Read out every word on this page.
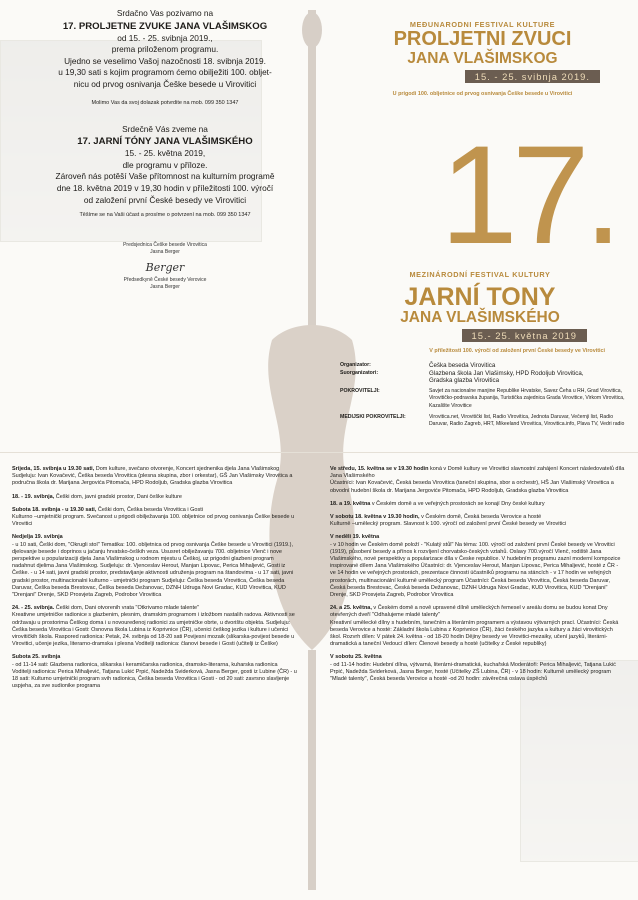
Srdačno Vas pozivamo na

17. PROLJETNE ZVUKE JANA VLAŠIMSKOG

od 15. - 25. svibnja 2019.,

prema priloženom programu.

Ujedno se veselimo Vašoj nazočnosti 18. svibnja 2019.

u 19,30 sati s kojim programom ćemo obilježiti 100. oblјet-

nicu od prvog osnivanja Češke besede u Virovitici

Molimo Vas da svoj dolazak potvrdite na mob. 099 350 1347

Srdečně Vás zveme na

17. JARNÍ TÓNY JANA VLAŠIMSKÉHO

15. - 25. května 2019,

dle programu v příloze.

Zároveň nás potěší Vaše přítomnost na kulturním programě

dne 18. května 2019 v 19,30 hodin v příležitosti 100. výročí

od založení první České besedy ve Virovitici

Těšíme se na Vaši účast a prosíme o potvrzení na mob. 099 350 1347

Predsjednica Češke besede Virovitica
Jasna Berger
Berger
Předsedkyně České besedy Verovice
Jasna Berger
MEĐUNARODNI FESTIVAL KULTURE
PROLJETNI ZVUCI
JANA VLAŠIMSKOG
15. - 25. svibnja 2019.
U prigodi 100. obljetnice od prvog osnivanja Češke besede u Virovitici
17.
MEZINÁRODNÍ FESTIVAL KULTURY
JARNÍ TONY
JANA VLAŠIMSKÉHO
15.- 25. května 2019
V příležitosti 100. výročí od založení první České besedy ve Virovitici
Organizator:	Češka beseda Virovitica
Suorganizatori:	Glazbena škola Jan Vlašimsky, HPD Rodoljub Virovitica,
Gradska glazba Virovitica

POKROVITELJI:	Savjet za nacionalne manjine Republike Hrvatske, Savez Čeha u RH, Grad Virovitica, Virovitičko-podravska županija, Turistička zajednica Grada Virovitice, Virkom Virovitica, Kazalište Virovitice

MEDIJSKI POKROVITELJI:	Virovitica.net, Virovitički list, Radio Virovitica, Jednota Daruvar, Večernji list, Radio Daruvar, Radio Zagreb, HRT, Mikeeland Virovitica, Virovitica.info, Plava TV, Vedri radio

Srijeda, 15. svibnja u 19.30 sati, Dom kulture, svečano otvorenje, Koncert sjednenika djela Jana Vlašimskog
Sudjeluju: Ivan Kovačević, Češka beseda Virovitica (plesna skupina, zbor i orkestar), GŠ Jan Vlašimsky Virovitica a područna škola dr. Marijana Jergovića Pitomača, HPD Rodoljub, Gradska glazba Virovitica

18. - 19. svibnja, Češki dom, javni gradski prostor, Dani češke kulture

Subota 18. svibnja - u 19.30 sati, Češki dom, Češka beseda Virovitica i Gosti
Kulturno –umjetnički program. Svečanost u prigodi obilježavanja 100. obljetnice od prvog osnivanja Češke besede u Virovitici

Nedjelja 19. svibnja
- u 10 sati, Češki dom, "Okrugli stol" Tematika: 100. obljetnica od prvog osnivanja Češke besede u Virovitici (1919.), djelovanje besede i doprinos u jačanju hrvatsko-čeških veza. Ususret obilježavanju 700. obljetnice Vlenč i nove perspektive u popularizaciji djela Jana Vlašimskog u rodnom mjestu u Češkoj, uz prigodni glazbeni program nadahnut djelima Jana Vlašimskog. Sudjeluju: dr. Vjenceslav Herout, Manjan Lipovac, Perica Mihaljević, Gosti iz Češke. - u 14 sati, javni gradski prostor, predstavljanje aktivnosti udruženja program na štandovima - u 17 sati, javni gradski prostor, multinacionalni kulturno - umjetnički program Sudjeluju: Češka beseda Virovitica, Češka beseda Daruvar, Češka beseda Brestovac, Češka beseda Dežanovac, DZNH Udruga Novi Gradac, KUD Virovitica, KUD "Drenjani" Drenje, SKD Prosvjeta Zagreb, Podrobor Virovitica

24. - 25. svibnja. Češki dom, Dani otvorenih vrata "Otkrivamo mlade talente"
Kreativne umjetničke radionice s glazbenim, plesnim, dramskim programom i izložbom nastalih radova. Aktivnosti se održavaju u prostorima Češkog doma i u novouređenoj radionici za umjetničke obrte, u dvorištu objekta. Sudjeluju: Češka beseda Virovitica i Gosti: Osnovna škola Lubina iz Koprivnice (ČR), učenici češkog jezika i kulture i učenici virovitičkih škola. Raspored radionica: Petak, 24. svibnja od 18-20 sati Povijesni mozaik (slikarska-povijest besede u Virovitici, učenje jezika, literarno-dramska i plesna Voditelji radionica: članovi besede i Gosti (učitelji iz Češke)

Subota 25. svibnja
- od 11-14 sati: Glazbena radionica, slikarska i keramičarska radionica, dramsko-literarna, kuharska radionica Voditelji radionica: Perica Mihaljević, Tatjana Lukić Prpić, Nadežda Sviderková, Jasna Berger, gosti iz Lubine (ČR) - u 18 sati: Kulturno umjetnički program svih radionica, Češka beseda Virovitica i Gosti - od 20 sati: zavrsno slavljenje uspjeha, za sve sudionike programa

Ve středu, 15. května se v 19.30 hodin koná v Domě kultury ve Virovitici slavnostní zahájení Koncert následovatelů díla Jana Vlašimského
Účastníci: Ivan Kovačević, Česká beseda Virovitica (taneční skupina, sbor a orchestr), HŠ Jan Vlašimský Virovitica a obvodní hudební škola dr. Marijana Jergoviće Pitomača, HPD Rodoljub, Gradska glazba Virovitica

18. a 19. května v Českém domě a ve veřejných prostorách se konají Dny české kultury

V sobotu 18. května v 19.30 hodin, v Českém domě, Česká beseda Verovice a hosté
Kulturně –umělecký program. Slavnost k 100. výročí od založení první České besedy ve Virovitici

V neděli 19. května
- v 10 hodin ve Českém domě položí - "Kulatý stůl" Na téma: 100. výročí od založení první České besedy ve Virovitici (1919), působení besedy a přínos k rozvíjení chorvatsko-českých vztahů. Oslavy 700.výročí Vlenč, rodiště Jana Vlašimského, nové perspektivy a popularizace díla v Česke republice. V hudebním programu zazní moderní kompozice inspirované dílem Jana Vlašimského Účastníci: dr. Vjenceslav Herout, Manjan Lipovac, Perica Mihaljević, hosté z ČR - ve 14 hodin ve veřejných prostorách, prezentace činnosti účastníků programu na stáncích - v 17 hodin ve veřejných prostorách, multinacionální kulturně umělecký program Účastníci: Česká beseda Virovitica, Česká beseda Daruvar, Česká beseda Brestovac, Česká beseda Dežanovac, DZNH Udruga Novi Gradac, KUD Virovitica, KUD "Drenjani" Drenje, SKD Prosvjeta Zagreb, Podrobor Virovitica

24. a 25. května, v Českém domě a nově upravené dílně uměleckých řemesel v areálu domu se budou konat Dny otevřených dveří "Odhalujeme mladé talenty"
Kreativní umělecké dílny s hudebním, tanečním a literárním programem a výstavou výtvarných prací. Účastníci: Česká beseda Verovice a hosté: Základní škola Lubina z Koprivnice (ČR), žáci českého jazyka a kultury a žáci virovitických škol. Rozvrh dílen: V pátek 24. května - od 18-20 hodin Dějiny besedy ve Virovitici-mezaiky, učení jazyků, literárni-dramatická a taneční Vedoucí dílen: Členové besedy a hosté (učitelky z České republiky)

V sobotu 25. května
- od 11-14 hodin: Hudební dílna, výtvarná, literárni-dramatická, kuchařská Moderátoři: Perica Mihaljević, Tatjana Lukić Prpić, Nadežda Sviderková, Jasna Berger, hosté (Učitelky ZŠ Lubina, ČR) - v 18 hodin: Kulturně umělecký program "Mladé talenty", Česká beseda Verovice a hosté -od 20 hodin: závěrečná oslava úspěchů
